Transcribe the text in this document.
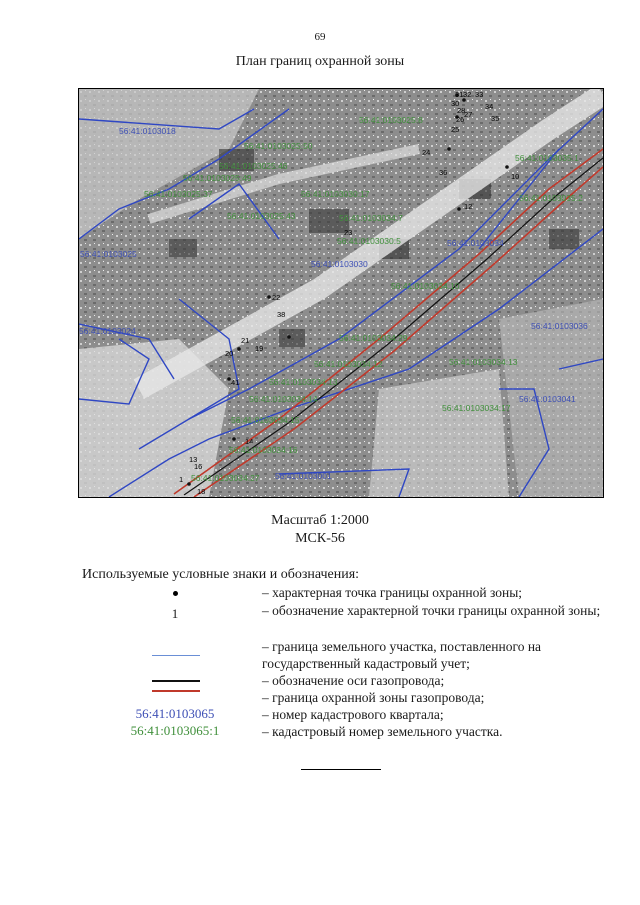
69
План границ охранной зоны
56:41:0103018
56:41:0103025
56:41:0103024
56:41:0103030
56:41:0103034
56:41:0103001
56:41:0103036
56:41:0103041
56:41:0103025:8
56:41:0103025:50
56:41:0103025:46
56:41:0103025:49
56:41:0103025:37
56:41:0103025:43
56:41:0103030:17
56:41:0103034:7
56:41:0103030:5
56:41:0103034:10
56:41:0103034:29
56:41:0103034:12
56:41:0103034:13
56:41:0103034:14
56:41:0103034:15
56:41:0103034:16
56:41:0103034:27
56:41:0103034:13
56:41:0103034:17
56:41:0103035:1
56:41:0103035:2
31
30
32 33
34
35
28
27
26
25
24
36	10
12
23
22
38
21
20
19
41
14
13
16
18
1
Масштаб 1:2000
МСК-56
Используемые условные знаки и обозначения:
– характерная точка границы охранной зоны;
1	– обозначение характерной точки границы охранной зоны;
– граница земельного участка, поставленного на государственный кадастровый учет;
– обозначение оси газопровода;
– граница охранной зоны газопровода;
56:41:0103065	– номер кадастрового квартала;
56:41:0103065:1	– кадастровый номер земельного участка.
